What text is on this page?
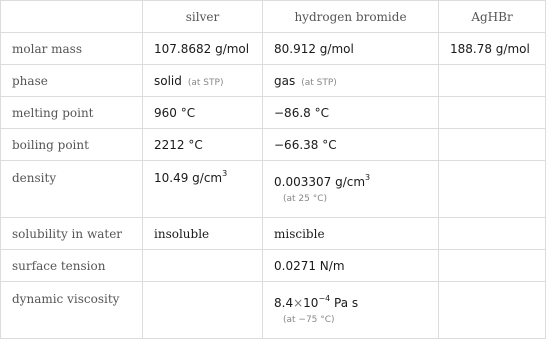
	silver	hydrogen bromide	AgHBr
molar mass	107.8682 g/mol	80.912 g/mol	188.78 g/mol
phase	solid (at STP)	gas (at STP)	
melting point	960 °C	−86.8 °C	
boiling point	2212 °C	−66.38 °C	
density	10.49 $g/cm^3$	0.003307 $g/cm^3$
(at 25 °C)	

solubility in water	insoluble	miscible	
surface tension		0.0271 N/m	
dynamic viscosity		$8.4\times 10^{-4}$ Pa s
(at −75 °C)	
